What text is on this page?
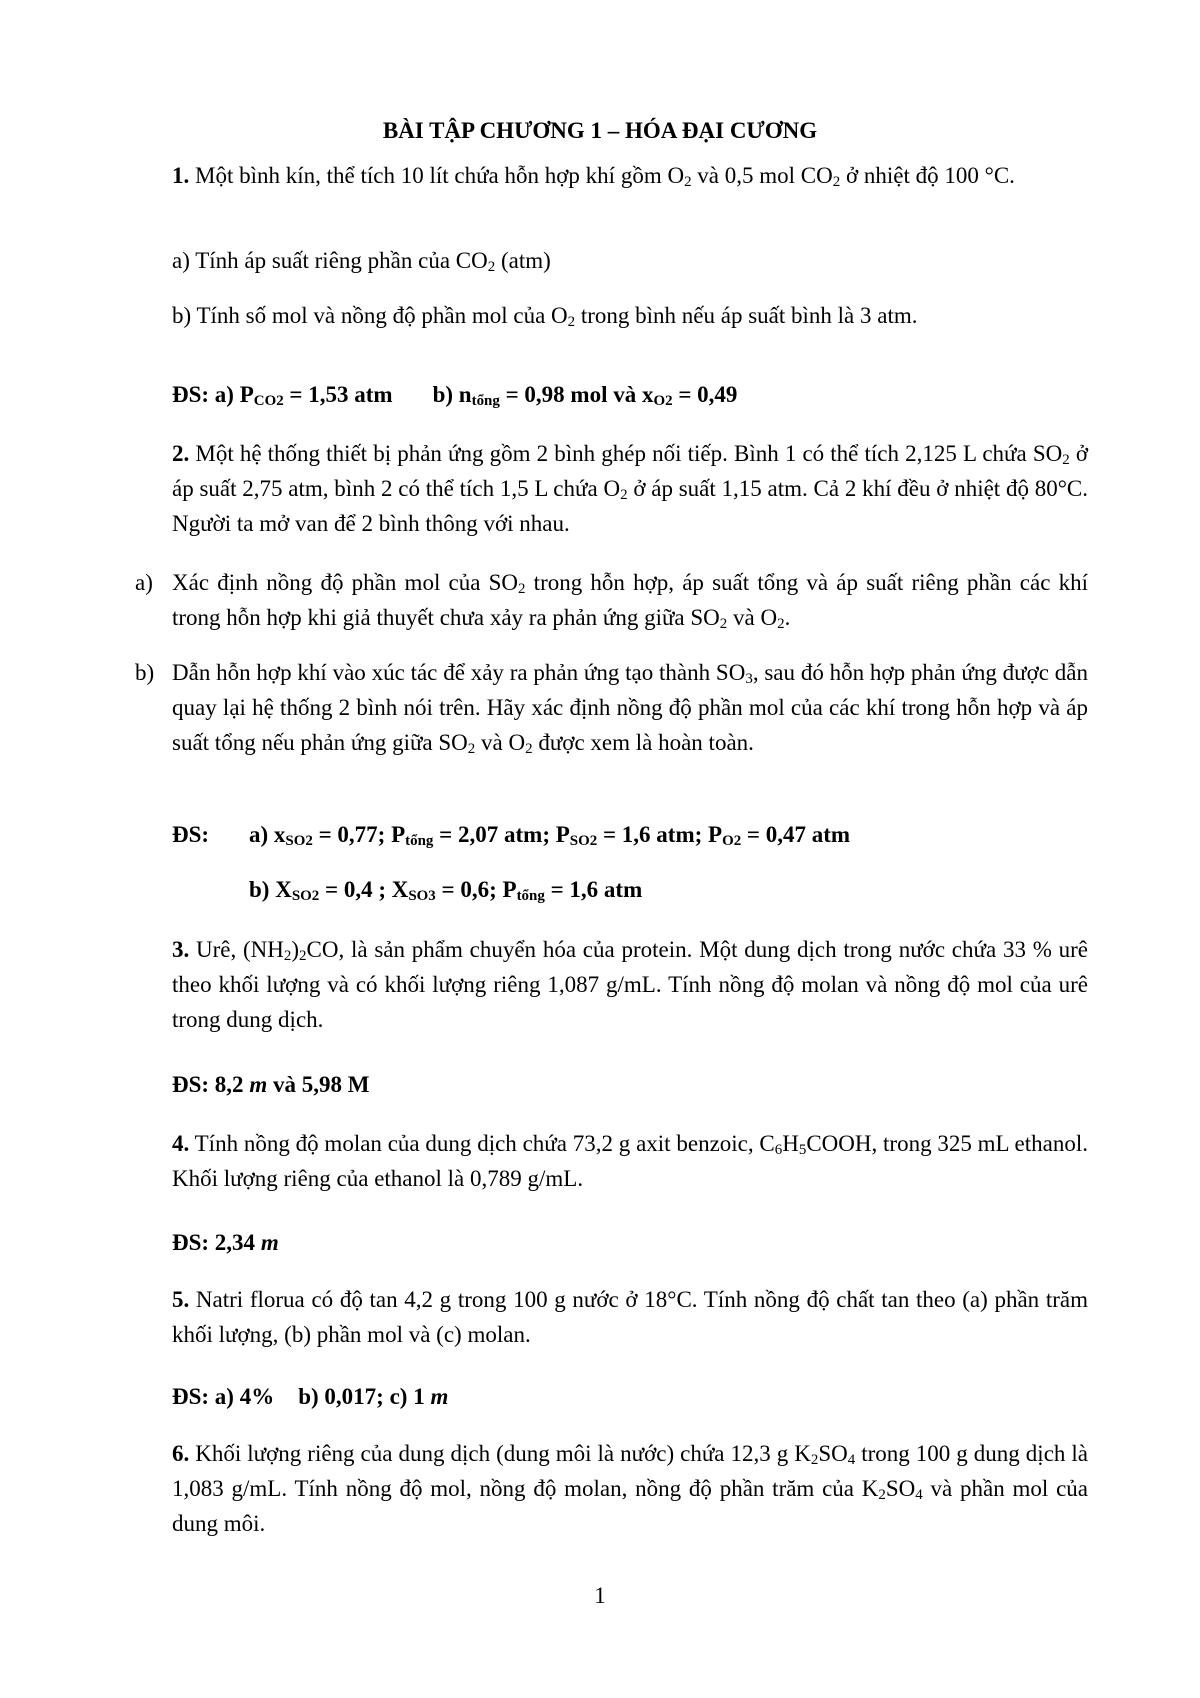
BÀI TẬP CHƯƠNG 1 – HÓA ĐẠI CƯƠNG
1. Một bình kín, thể tích 10 lít chứa hỗn hợp khí gồm $O_2$ và 0,5 mol $CO_2$ ở nhiệt độ 100 °C.
a) Tính áp suất riêng phần của $CO_2$ (atm)
b) Tính số mol và nồng độ phần mol của $O_2$ trong bình nếu áp suất bình là 3 atm.
ĐS: a) $P_{CO2} = 1,53$ atm b) $n_{tổng} = 0,98$ mol và $x_{O2} = 0,49$
2. Một hệ thống thiết bị phản ứng gồm 2 bình ghép nối tiếp. Bình 1 có thể tích 2,125 L chứa $SO_2$ ở áp suất 2,75 atm, bình 2 có thể tích 1,5 L chứa $O_2$ ở áp suất 1,15 atm. Cả 2 khí đều ở nhiệt độ 80°C. Người ta mở van để 2 bình thông với nhau.
a) Xác định nồng độ phần mol của $SO_2$ trong hỗn hợp, áp suất tổng và áp suất riêng phần các khí trong hỗn hợp khi giả thuyết chưa xảy ra phản ứng giữa $SO_2$ và $O_2$.
b) Dẫn hỗn hợp khí vào xúc tác để xảy ra phản ứng tạo thành $SO_3$, sau đó hỗn hợp phản ứng được dẫn quay lại hệ thống 2 bình nói trên. Hãy xác định nồng độ phần mol của các khí trong hỗn hợp và áp suất tổng nếu phản ứng giữa $SO_2$ và $O_2$ được xem là hoàn toàn.
ĐS: a) $x_{SO2} = 0,77$; $P_{tổng} = 2,07$ atm; $P_{SO2} = 1,6$ atm; $P_{O2} = 0,47$ atm
b) $X_{SO2} = 0,4$ ; $X_{SO3} = 0,6$; $P_{tổng} = 1,6$ atm
3. Urê, $(NH_2)_2CO$, là sản phẩm chuyển hóa của protein. Một dung dịch trong nước chứa 33 % urê theo khối lượng và có khối lượng riêng 1,087 g/mL. Tính nồng độ molan và nồng độ mol của urê trong dung dịch.
ĐS: 8,2 m và 5,98 M
4. Tính nồng độ molan của dung dịch chứa 73,2 g axit benzoic, $C_6H_5COOH$, trong 325 mL ethanol. Khối lượng riêng của ethanol là 0,789 g/mL.
ĐS: 2,34 m
5. Natri florua có độ tan 4,2 g trong 100 g nước ở 18°C. Tính nồng độ chất tan theo (a) phần trăm khối lượng, (b) phần mol và (c) molan.
ĐS: a) 4% b) 0,017; c) 1 m
6. Khối lượng riêng của dung dịch (dung môi là nước) chứa 12,3 g $K_2SO_4$ trong 100 g dung dịch là 1,083 g/mL. Tính nồng độ mol, nồng độ molan, nồng độ phần trăm của $K_2SO_4$ và phần mol của dung môi.
1
